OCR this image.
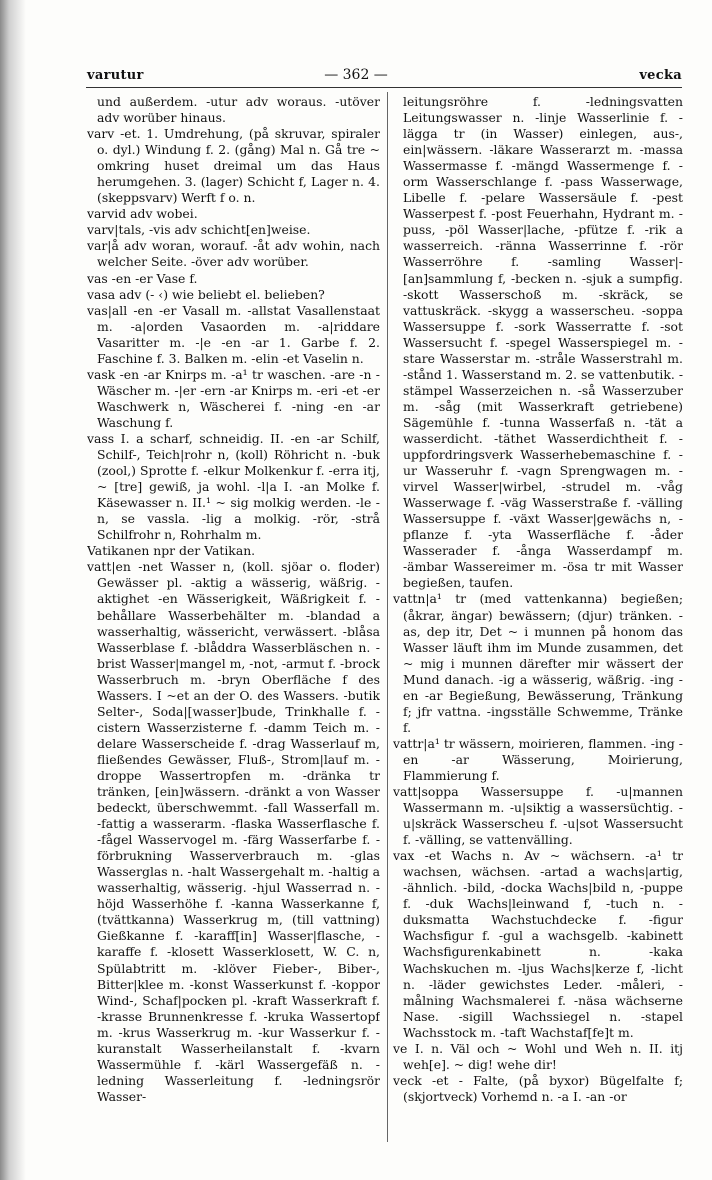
varutur	— 362 —	vecka

und außerdem. -utur adv woraus. -utöver adv worüber hinaus.

varv -et. 1. Umdrehung, (på skruvar, spiraler o. dyl.) Windung f. 2. (gång) Mal n. Gå tre ~ omkring huset dreimal um das Haus herumgehen. 3. (lager) Schicht f, Lager n. 4. (skeppsvarv) Werft f o. n.

varvid adv wobei.

varv|tals, -vis adv schicht[en]weise.

var|å adv woran, worauf. -åt adv wohin, nach welcher Seite. -över adv worüber.

vas -en -er Vase f.

vasa adv (- ‹) wie beliebt el. belieben?

vas|all -en -er Vasall m. -allstat Vasallenstaat m. -a|orden Vasaorden m. -a|riddare Vasaritter m. -|e -en -ar 1. Garbe f. 2. Faschine f. 3. Balken m. -elin -et Vaselin n.

vask -en -ar Knirps m. -a¹ tr waschen. -are -n - Wäscher m. -|er -ern -ar Knirps m. -eri -et -er Waschwerk n, Wäscherei f. -ning -en -ar Waschung f.

vass I. a scharf, schneidig. II. -en -ar Schilf, Schilf-, Teich|rohr n, (koll) Röhricht n. -buk (zool,) Sprotte f. -elkur Molkenkur f. -erra itj, ~ [tre] gewiß, ja wohl. -l|a I. -an Molke f. Käsewasser n. II.¹ ~ sig molkig werden. -le -n, se vassla. -lig a molkig. -rör, -strå Schilfrohr n, Rohrhalm m.

Vatikanen npr der Vatikan.

vatt|en -net Wasser n, (koll. sjöar o. floder) Gewässer pl. -aktig a wässerig, wäßrig. -aktighet -en Wässerigkeit, Wäßrigkeit f. -behållare Wasserbehälter m. -blandad a wasserhaltig, wässericht, verwässert. -blåsa Wasserblase f. -blåddra Wasserbläschen n. -brist Wasser|mangel m, -not, -armut f. -brock Wasserbruch m. -bryn Oberfläche f des Wassers. I ~et an der O. des Wassers. -butik Selter-, Soda|[wasser]bude, Trinkhalle f. -cistern Wasserzisterne f. -damm Teich m. -delare Wasserscheide f. -drag Wasserlauf m, fließendes Gewässer, Fluß-, Strom|lauf m. -droppe Wassertropfen m. -dränka tr tränken, [ein]wässern. -dränkt a von Wasser bedeckt, überschwemmt. -fall Wasserfall m. -fattig a wasserarm. -flaska Wasserflasche f. -fågel Wasservogel m. -färg Wasserfarbe f. -förbrukning Wasserverbrauch m. -glas Wasserglas n. -halt Wassergehalt m. -haltig a wasserhaltig, wässerig. -hjul Wasserrad n. -höjd Wasserhöhe f. -kanna Wasserkanne f, (tvättkanna) Wasserkrug m, (till vattning) Gießkanne f. -karaff[in] Wasser|flasche, -karaffe f. -klosett Wasserklosett, W. C. n, Spülabtritt m. -klöver Fieber-, Biber-, Bitter|klee m. -konst Wasserkunst f. -koppor Wind-, Schaf|pocken pl. -kraft Wasserkraft f. -krasse Brunnenkresse f. -kruka Wassertopf m. -krus Wasserkrug m. -kur Wasserkur f. -kuranstalt Wasserheilanstalt f. -kvarn Wassermühle f. -kärl Wassergefäß n. -ledning Wasserleitung f. -ledningsrör Wasser-

leitungsröhre f. -ledningsvatten Leitungswasser n. -linje Wasserlinie f. -lägga tr (in Wasser) einlegen, aus-, ein|wässern. -läkare Wasserarzt m. -massa Wassermasse f. -mängd Wassermenge f. -orm Wasserschlange f. -pass Wasserwage, Libelle f. -pelare Wassersäule f. -pest Wasserpest f. -post Feuerhahn, Hydrant m. -puss, -pöl Wasser|lache, -pfütze f. -rik a wasserreich. -ränna Wasserrinne f. -rör Wasserröhre f. -samling Wasser|-[an]sammlung f, -becken n. -sjuk a sumpfig. -skott Wasserschoß m. -skräck, se vattuskräck. -skygg a wasserscheu. -soppa Wassersuppe f. -sork Wasserratte f. -sot Wassersucht f. -spegel Wasserspiegel m. -stare Wasserstar m. -stråle Wasserstrahl m. -stånd 1. Wasserstand m. 2. se vattenbutik. -stämpel Wasserzeichen n. -så Wasserzuber m. -såg (mit Wasserkraft getriebene) Sägemühle f. -tunna Wasserfaß n. -tät a wasserdicht. -täthet Wasserdichtheit f. -uppfordringsverk Wasserhebemaschine f. -ur Wasseruhr f. -vagn Sprengwagen m. -virvel Wasser|wirbel, -strudel m. -våg Wasserwage f. -väg Wasserstraße f. -välling Wassersuppe f. -växt Wasser|gewächs n, -pflanze f. -yta Wasserfläche f. -åder Wasserader f. -ånga Wasserdampf m. -ämbar Wassereimer m. -ösa tr mit Wasser begießen, taufen.

vattn|a¹ tr (med vattenkanna) begießen; (åkrar, ängar) bewässern; (djur) tränken. -as, dep itr, Det ~ i munnen på honom das Wasser läuft ihm im Munde zusammen, det ~ mig i munnen därefter mir wässert der Mund danach. -ig a wässerig, wäßrig. -ing -en -ar Begießung, Bewässerung, Tränkung f; jfr vattna. -ingsställe Schwemme, Tränke f.

vattr|a¹ tr wässern, moirieren, flammen. -ing -en -ar Wässerung, Moirierung, Flammierung f.

vatt|soppa Wassersuppe f. -u|mannen Wassermann m. -u|siktig a wassersüchtig. -u|skräck Wasserscheu f. -u|sot Wassersucht f. -välling, se vattenvälling.

vax -et Wachs n. Av ~ wächsern. -a¹ tr wachsen, wächsen. -artad a wachs|artig, -ähnlich. -bild, -docka Wachs|bild n, -puppe f. -duk Wachs|leinwand f, -tuch n. -duksmatta Wachstuchdecke f. -figur Wachsfigur f. -gul a wachsgelb. -kabinett Wachsfigurenkabinett n. -kaka Wachskuchen m. -ljus Wachs|kerze f, -licht n. -läder gewichstes Leder. -måleri, -målning Wachsmalerei f. -näsa wächserne Nase. -sigill Wachssiegel n. -stapel Wachsstock m. -taft Wachstaf[fe]t m.

ve I. n. Väl och ~ Wohl und Weh n. II. itj weh[e]. ~ dig! wehe dir!

veck -et - Falte, (på byxor) Bügelfalte f; (skjortveck) Vorhemd n. -a I. -an -or
